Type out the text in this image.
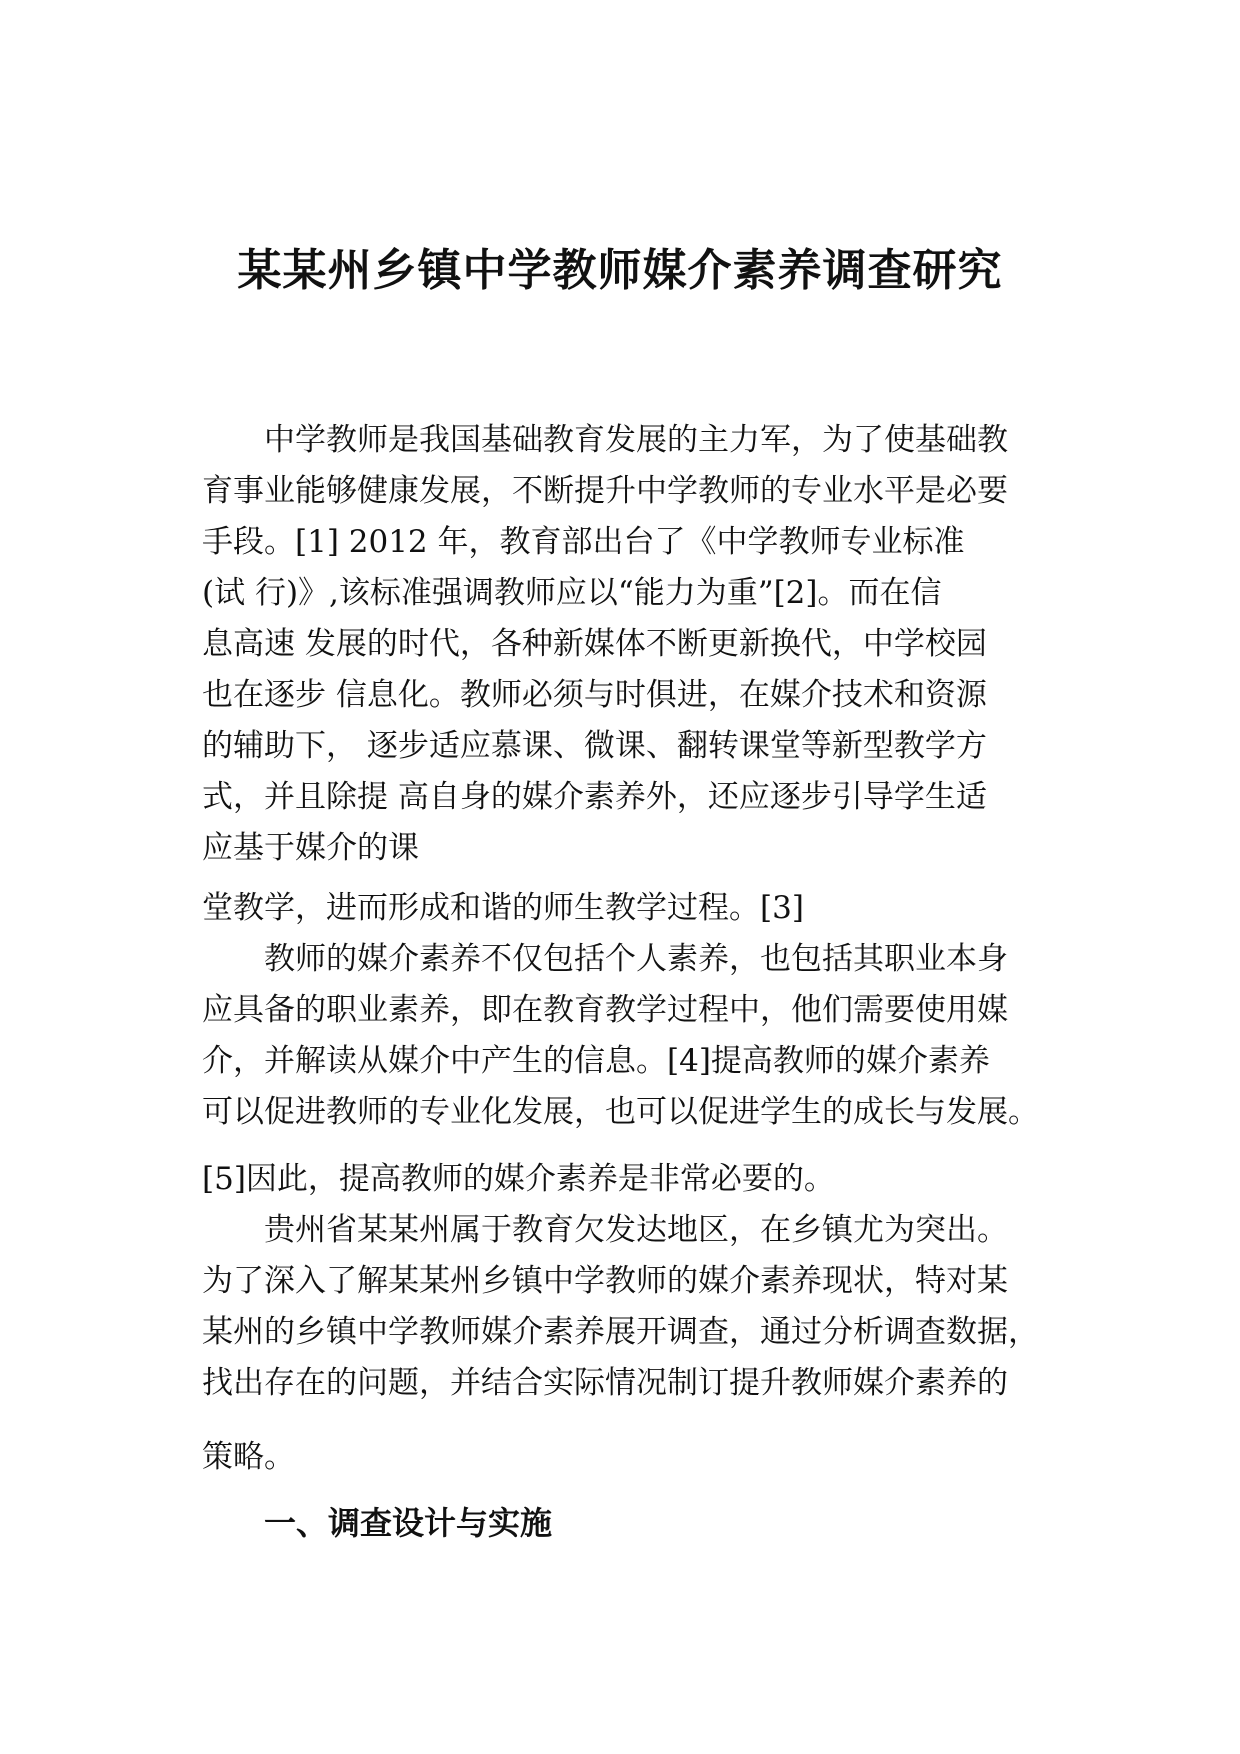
某某州乡镇中学教师媒介素养调查研究
中学教师是我国基础教育发展的主力军，为了使基础教
育事业能够健康发展，不断提升中学教师的专业水平是必要
手段。[1] 2012 年，教育部出台了《中学教师专业标准
(试 行)》,该标准强调教师应以“能力为重”[2]。而在信
息高速 发展的时代，各种新媒体不断更新换代，中学校园
也在逐步 信息化。教师必须与时俱进，在媒介技术和资源
的辅助下， 逐步适应慕课、微课、翻转课堂等新型教学方
式，并且除提 高自身的媒介素养外，还应逐步引导学生适
应基于媒介的课
堂教学，进而形成和谐的师生教学过程。[3]
教师的媒介素养不仅包括个人素养，也包括其职业本身
应具备的职业素养，即在教育教学过程中，他们需要使用媒
介，并解读从媒介中产生的信息。[4]提高教师的媒介素养
可以促进教师的专业化发展，也可以促进学生的成长与发展。
[5]因此，提高教师的媒介素养是非常必要的。
贵州省某某州属于教育欠发达地区，在乡镇尤为突出。
为了深入了解某某州乡镇中学教师的媒介素养现状，特对某
某州的乡镇中学教师媒介素养展开调查，通过分析调查数据，
找出存在的问题，并结合实际情况制订提升教师媒介素养的
策略。
一、调查设计与实施
